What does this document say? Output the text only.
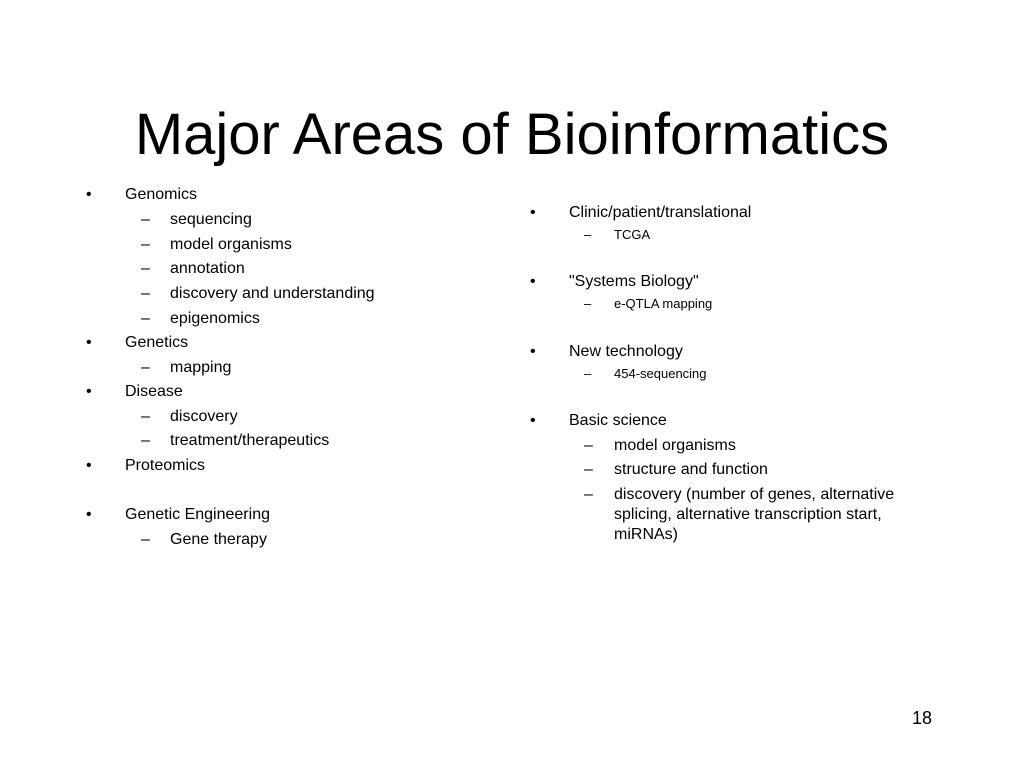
Major Areas of Bioinformatics
• Genomics
– sequencing
– model organisms
– annotation
– discovery and understanding
– epigenomics
• Genetics
– mapping
• Disease
– discovery
– treatment/therapeutics
• Proteomics
• Genetic Engineering
– Gene therapy
• Clinic/patient/translational
– TCGA
• "Systems Biology"
– e-QTLA mapping
• New technology
– 454-sequencing
• Basic science
– model organisms
– structure and function
– discovery (number of genes, alternative splicing, alternative transcription start, miRNAs)
18
